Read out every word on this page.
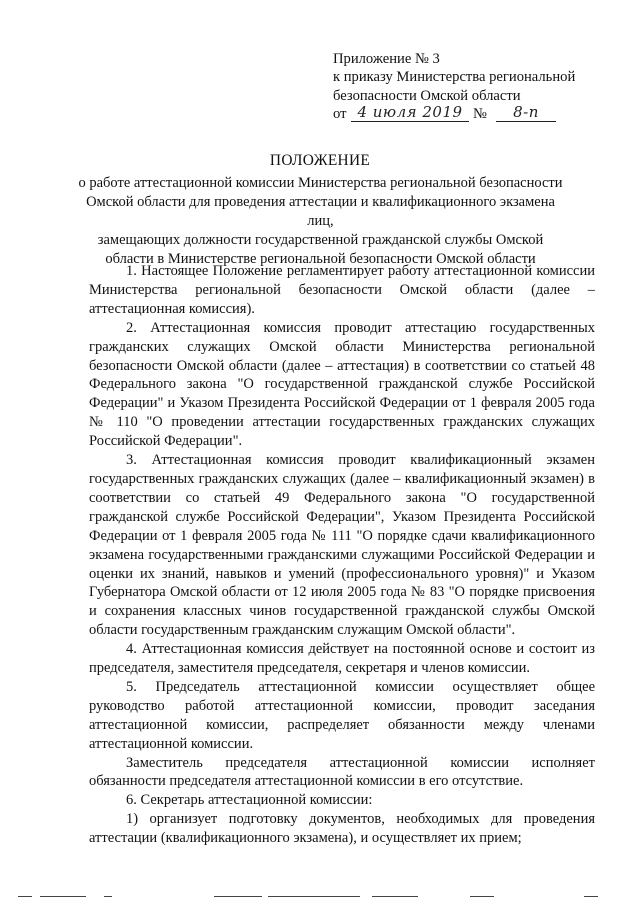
Приложение № 3
к приказу Министерства региональной
безопасности Омской области
от 4 июля 2019 №	8-п
ПОЛОЖЕНИЕ
о работе аттестационной комиссии Министерства региональной безопасности
Омской области для проведения аттестации и квалификационного экзамена лиц,
замещающих должности государственной гражданской службы Омской
области в Министерстве региональной безопасности Омской области

1. Настоящее Положение регламентирует работу аттестационной комиссии Министерства региональной безопасности Омской области (далее – аттестационная комиссия).

2. Аттестационная комиссия проводит аттестацию государственных гражданских служащих Омской области Министерства региональной безопасности Омской области (далее – аттестация) в соответствии со статьей 48 Федерального закона "О государственной гражданской службе Российской Федерации" и Указом Президента Российской Федерации от 1 февраля 2005 года № 110 "О проведении аттестации государственных гражданских служащих Российской Федерации".

3. Аттестационная комиссия проводит квалификационный экзамен государственных гражданских служащих (далее – квалификационный экзамен) в соответствии со статьей 49 Федерального закона "О государственной гражданской службе Российской Федерации", Указом Президента Российской Федерации от 1 февраля 2005 года № 111 "О порядке сдачи квалификационного экзамена государственными гражданскими служащими Российской Федерации и оценки их знаний, навыков и умений (профессионального уровня)" и Указом Губернатора Омской области от 12 июля 2005 года № 83 "О порядке присвоения и сохранения классных чинов государственной гражданской службы Омской области государственным гражданским служащим Омской области".

4. Аттестационная комиссия действует на постоянной основе и состоит из председателя, заместителя председателя, секретаря и членов комиссии.

5. Председатель аттестационной комиссии осуществляет общее руководство работой аттестационной комиссии, проводит заседания аттестационной комиссии, распределяет обязанности между членами аттестационной комиссии.

Заместитель председателя аттестационной комиссии исполняет обязанности председателя аттестационной комиссии в его отсутствие.

6. Секретарь аттестационной комиссии:

1) организует подготовку документов, необходимых для проведения аттестации (квалификационного экзамена), и осуществляет их прием;
